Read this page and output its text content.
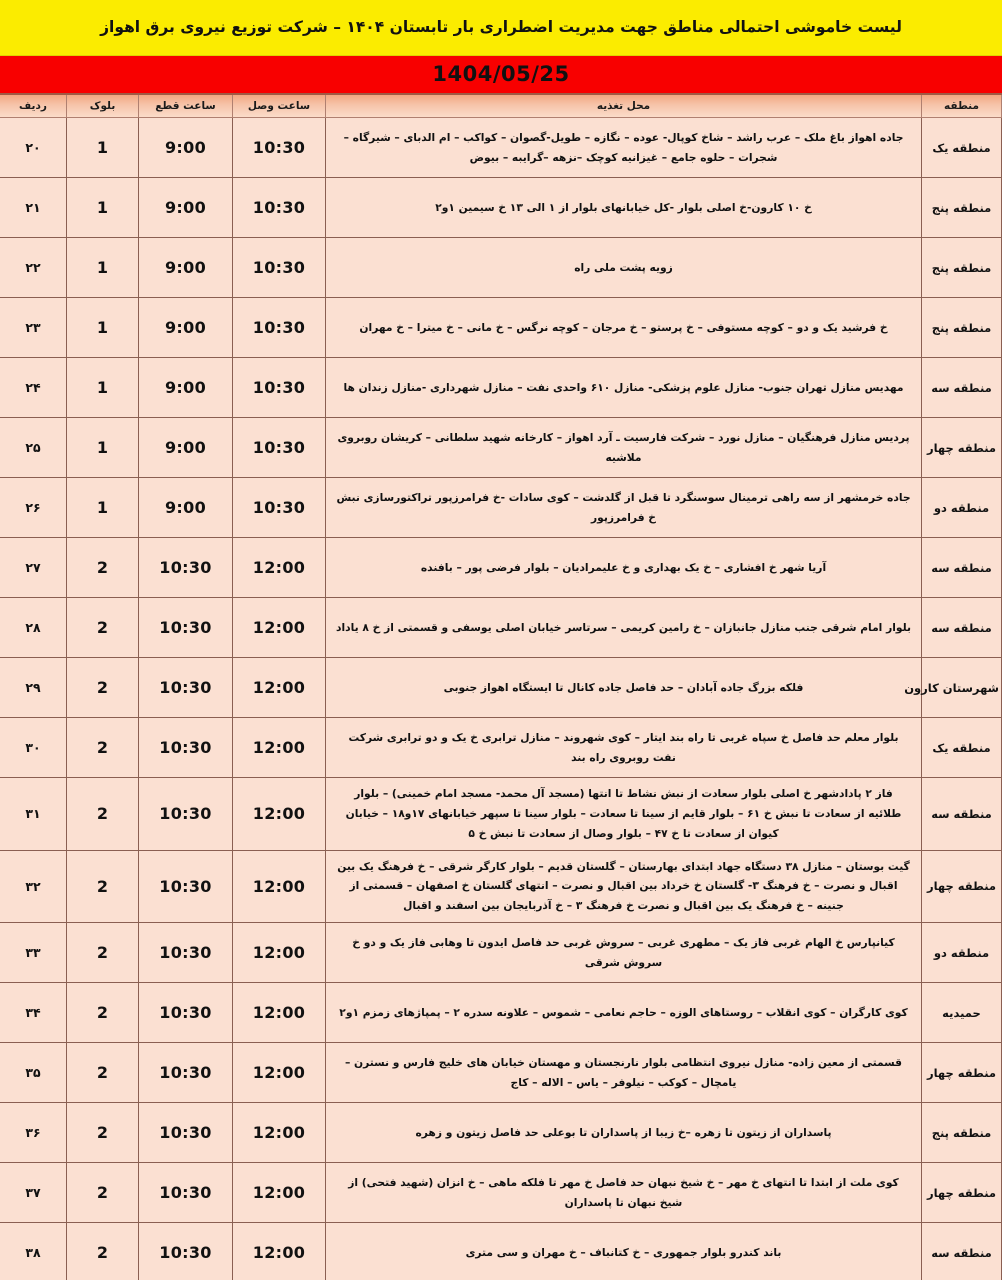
لیست خاموشی احتمالی مناطق جهت مدیریت اضطراری بار تابستان ۱۴۰۴ – شرکت توزیع نیروی برق اهواز
1404/05/25
منطقه	محل تغذیه	ساعت وصل	ساعت قطع	بلوک	ردیف
منطقه یک	جاده اهواز باغ ملک – عرب راشد – شاخ کوپال- عوده – نگازه – طویل-گصوان – کواکب – ام الدبای – شیرگاه – شجرات – حلوه جامع – غیزانیه کوچک –نزهه –گرایبه – بیوض	10:30	9:00	1	۲۰
منطقه پنج	خ ۱۰ کارون-خ اصلی بلوار -کل خیابانهای بلوار از ۱ الی ۱۳ خ سیمین ۱و۲	10:30	9:00	1	۲۱
منطقه پنج	زویه پشت ملی راه	10:30	9:00	1	۲۲
منطقه پنج	خ فرشید یک و دو – کوچه مستوفی – خ پرستو – خ مرجان – کوچه نرگس – خ مانی – خ میترا – خ مهران	10:30	9:00	1	۲۳
منطقه سه	مهدیس منازل تهران جنوب- منازل علوم پزشکی- منازل ۶۱۰ واحدی نفت – منازل شهرداری -منازل زندان ها	10:30	9:00	1	۲۴
منطقه چهار	پردیس منازل فرهنگیان – منازل نورد – شرکت فارسیت ـ آرد اهواز – کارخانه شهید سلطانی – کریشان روبروی ملاشیه	10:30	9:00	1	۲۵
منطقه دو	جاده خرمشهر از سه راهی ترمینال سوسنگرد تا قبل از گلدشت – کوی سادات -خ فرامرزپور تراکتورسازی نبش خ فرامرزپور	10:30	9:00	1	۲۶
منطقه سه	آریا شهر خ افشاری – خ یک بهداری و خ علیمرادیان – بلوار فرضی پور – بافنده	12:00	10:30	2	۲۷
منطقه سه	بلوار امام شرقی جنب منازل جانبازان – خ رامین کریمی – سرتاسر خیابان اصلی یوسفی و قسمتی از خ ۸ یاداد	12:00	10:30	2	۲۸
شهرستان کارون	فلکه بزرگ جاده آبادان – حد فاصل جاده کانال تا ایستگاه اهواز جنوبی	12:00	10:30	2	۲۹
منطقه یک	بلوار معلم حد فاصل خ سپاه غربی تا راه بند ایتار – کوی شهروند – منازل ترابری خ یک و دو ترابری شرکت نفت روبروی راه بند	12:00	10:30	2	۳۰
منطقه سه	فاز ۲ پادادشهر خ اصلی بلوار سعادت از نبش نشاط تا انتها (مسجد آل محمد- مسجد امام خمینی) – بلوار طلائیه از سعادت تا نبش خ ۶۱ – بلوار قایم از سینا تا سعادت – بلوار سینا تا سپهر خیابانهای ۱۷و۱۸ – خیابان کیوان از سعادت تا خ ۴۷ – بلوار وصال از سعادت تا نبش خ ۵	12:00	10:30	2	۳۱
منطقه چهار	گیت بوستان – منازل ۳۸ دستگاه جهاد ابتدای بهارستان – گلستان قدیم – بلوار کارگر شرقی – خ فرهنگ یک بین اقبال و نصرت – خ فرهنگ ۳- گلستان خ خرداد بین اقبال و نصرت – انتهای گلستان خ اصفهان – قسمتی از جنینه – خ فرهنگ یک بین اقبال و نصرت خ فرهنگ ۳ – خ آذربایجان بین اسفند و اقبال	12:00	10:30	2	۳۲
منطقه دو	کیانپارس خ الهام غربی فاز یک – مطهری غربی – سروش غربی حد فاصل ایدون تا وهابی فاز یک و دو خ سروش شرقی	12:00	10:30	2	۳۳
حمیدیه	کوی کارگران – کوی انقلاب – روستاهای الوزه – حاجم نعامی – شموس – علاونه سدره ۲ – پمپاژهای زمزم ۱و۲	12:00	10:30	2	۳۴
منطقه چهار	قسمتی از معین زاده- منازل نیروی انتظامی بلوار نارنجستان و مهستان خیابان های خلیج فارس و نسترن – یامچال – کوکب – نیلوفر – یاس – الاله – کاج	12:00	10:30	2	۳۵
منطقه پنج	پاسداران از زیتون تا زهره –خ زیبا از پاسداران تا بوعلی حد فاصل زیتون و زهره	12:00	10:30	2	۳۶
منطقه چهار	کوی ملت از ابتدا تا انتهای خ مهر – خ شیخ نبهان حد فاصل خ مهر تا فلکه ماهی – خ انزان (شهید فتحی) از شیخ نبهان تا پاسداران	12:00	10:30	2	۳۷
منطقه سه	باند کندرو بلوار جمهوری – خ کتانباف – خ مهران و سی متری	12:00	10:30	2	۳۸
